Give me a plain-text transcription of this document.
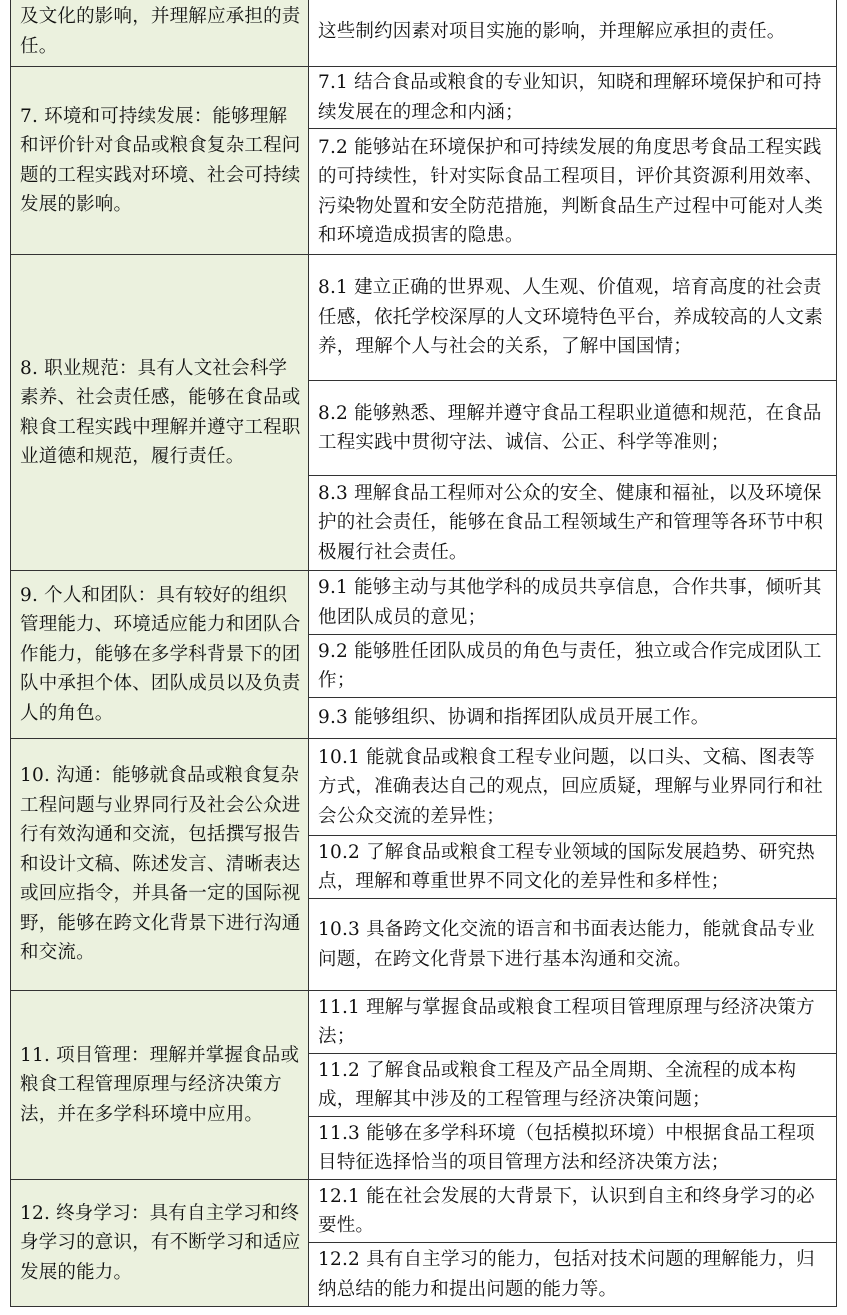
及文化的影响，并理解应承担的责任。	这些制约因素对项目实施的影响，并理解应承担的责任。
7. 环境和可持续发展：能够理解和评价针对食品或粮食复杂工程问题的工程实践对环境、社会可持续发展的影响。	7.1 结合食品或粮食的专业知识，知晓和理解环境保护和可持续发展在的理念和内涵；
	7.2 能够站在环境保护和可持续发展的角度思考食品工程实践的可持续性，针对实际食品工程项目，评价其资源利用效率、污染物处置和安全防范措施，判断食品生产过程中可能对人类和环境造成损害的隐患。
8. 职业规范：具有人文社会科学素养、社会责任感，能够在食品或粮食工程实践中理解并遵守工程职业道德和规范，履行责任。	8.1 建立正确的世界观、人生观、价值观，培育高度的社会责任感，依托学校深厚的人文环境特色平台，养成较高的人文素养，理解个人与社会的关系，了解中国国情；
	8.2 能够熟悉、理解并遵守食品工程职业道德和规范，在食品工程实践中贯彻守法、诚信、公正、科学等准则；
	8.3 理解食品工程师对公众的安全、健康和福祉，以及环境保护的社会责任，能够在食品工程领域生产和管理等各环节中积极履行社会责任。
9. 个人和团队：具有较好的组织管理能力、环境适应能力和团队合作能力，能够在多学科背景下的团队中承担个体、团队成员以及负责人的角色。	9.1 能够主动与其他学科的成员共享信息，合作共事，倾听其他团队成员的意见；
	9.2 能够胜任团队成员的角色与责任，独立或合作完成团队工作；
	9.3 能够组织、协调和指挥团队成员开展工作。
10. 沟通：能够就食品或粮食复杂工程问题与业界同行及社会公众进行有效沟通和交流，包括撰写报告和设计文稿、陈述发言、清晰表达或回应指令，并具备一定的国际视野，能够在跨文化背景下进行沟通和交流。	10.1 能就食品或粮食工程专业问题，以口头、文稿、图表等方式，准确表达自己的观点，回应质疑，理解与业界同行和社会公众交流的差异性；
	10.2 了解食品或粮食工程专业领域的国际发展趋势、研究热点，理解和尊重世界不同文化的差异性和多样性；
	10.3 具备跨文化交流的语言和书面表达能力，能就食品专业问题，在跨文化背景下进行基本沟通和交流。
11. 项目管理：理解并掌握食品或粮食工程管理原理与经济决策方法，并在多学科环境中应用。	11.1 理解与掌握食品或粮食工程项目管理原理与经济决策方法；
	11.2 了解食品或粮食工程及产品全周期、全流程的成本构成，理解其中涉及的工程管理与经济决策问题；
	11.3 能够在多学科环境（包括模拟环境）中根据食品工程项目特征选择恰当的项目管理方法和经济决策方法；
12. 终身学习：具有自主学习和终身学习的意识，有不断学习和适应发展的能力。	12.1 能在社会发展的大背景下，认识到自主和终身学习的必要性。
	12.2 具有自主学习的能力，包括对技术问题的理解能力，归纳总结的能力和提出问题的能力等。
